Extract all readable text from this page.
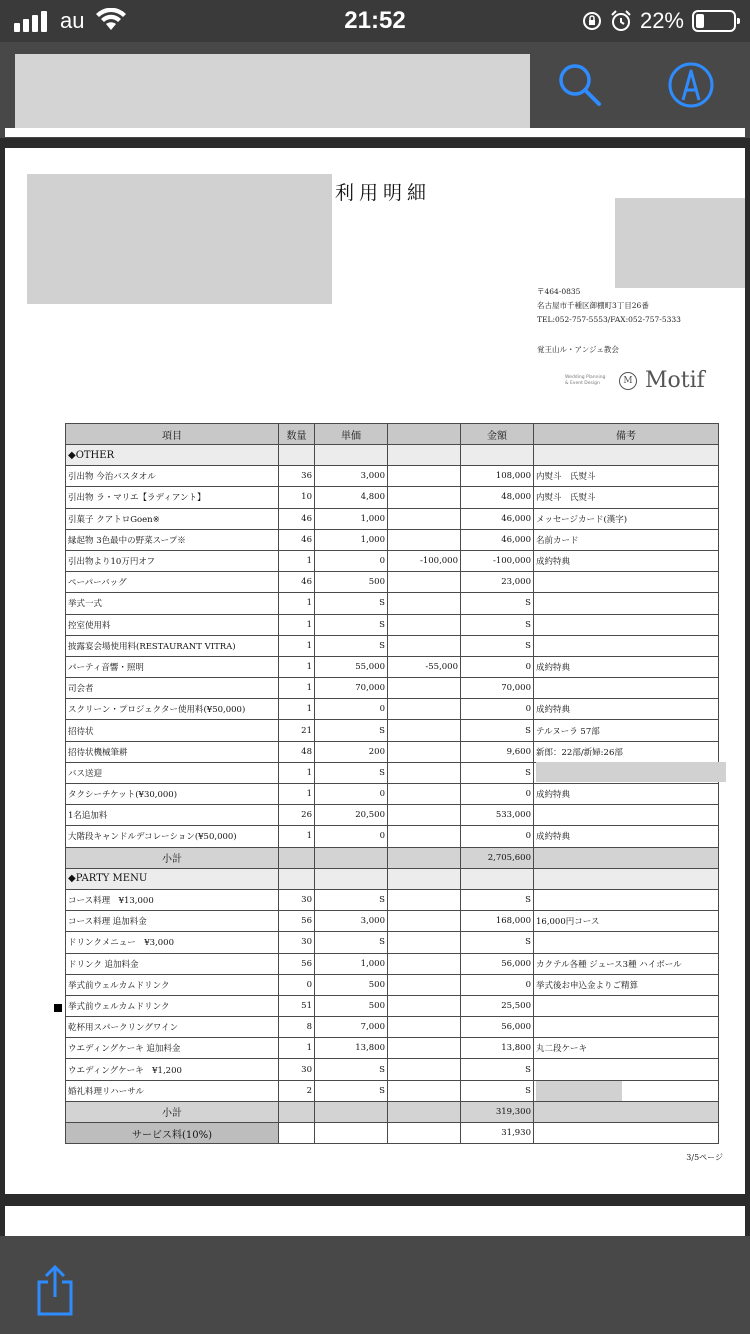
au	21:52	22%
利用明細
〒464-0835
名古屋市千種区御棚町3丁目26番
TEL:052-757-5553/FAX:052-757-5333
覚王山ル・アンジェ教会
Wedding Planning
& Event Design	M Motif
項目	数量	単価		金額	備考
◆OTHER					
引出物 今治バスタオル	36	3,000		108,000	内熨斗　氏熨斗
引出物 ラ・マリエ【ラディアント】	10	4,800		48,000	内熨斗　氏熨斗
引菓子 クアトロGoen※	46	1,000		46,000	メッセージカード(漢字)
縁起物 3色最中の野菜スープ※	46	1,000		46,000	名前カード
引出物より10万円オフ	1	0	-100,000	-100,000	成約特典
ペーパーバッグ	46	500		23,000	
挙式一式	1	S		S	
控室使用料	1	S		S	
披露宴会場使用料(RESTAURANT VITRA)	1	S		S	
パーティ音響・照明	1	55,000	-55,000	0	成約特典
司会者	1	70,000		70,000	
スクリーン・プロジェクター使用料(¥50,000)	1	0		0	成約特典
招待状	21	S		S	テルヌーラ 57部
招待状機械筆耕	48	200		9,600	新郎：22部/新婦:26部
バス送迎	1	S		S	
タクシーチケット(¥30,000)	1	0		0	成約特典
1名追加料	26	20,500		533,000	
大階段キャンドルデコレーション(¥50,000)	1	0		0	成約特典
小計				2,705,600	
◆PARTY MENU					
コース料理　¥13,000	30	S		S	
コース料理 追加料金	56	3,000		168,000	16,000円コース
ドリンクメニュー　¥3,000	30	S		S	
ドリンク 追加料金	56	1,000		56,000	カクテル各種 ジュース3種 ハイボール
挙式前ウェルカムドリンク	0	500		0	挙式後お申込金よりご精算
挙式前ウェルカムドリンク	51	500		25,500	
乾杯用スパークリングワイン	8	7,000		56,000	
ウエディングケーキ 追加料金	1	13,800		13,800	丸二段ケーキ
ウエディングケーキ　¥1,200	30	S		S	
婚礼料理リハーサル	2	S		S	
小計				319,300	
サービス料(10%)				31,930	
3/5ページ
